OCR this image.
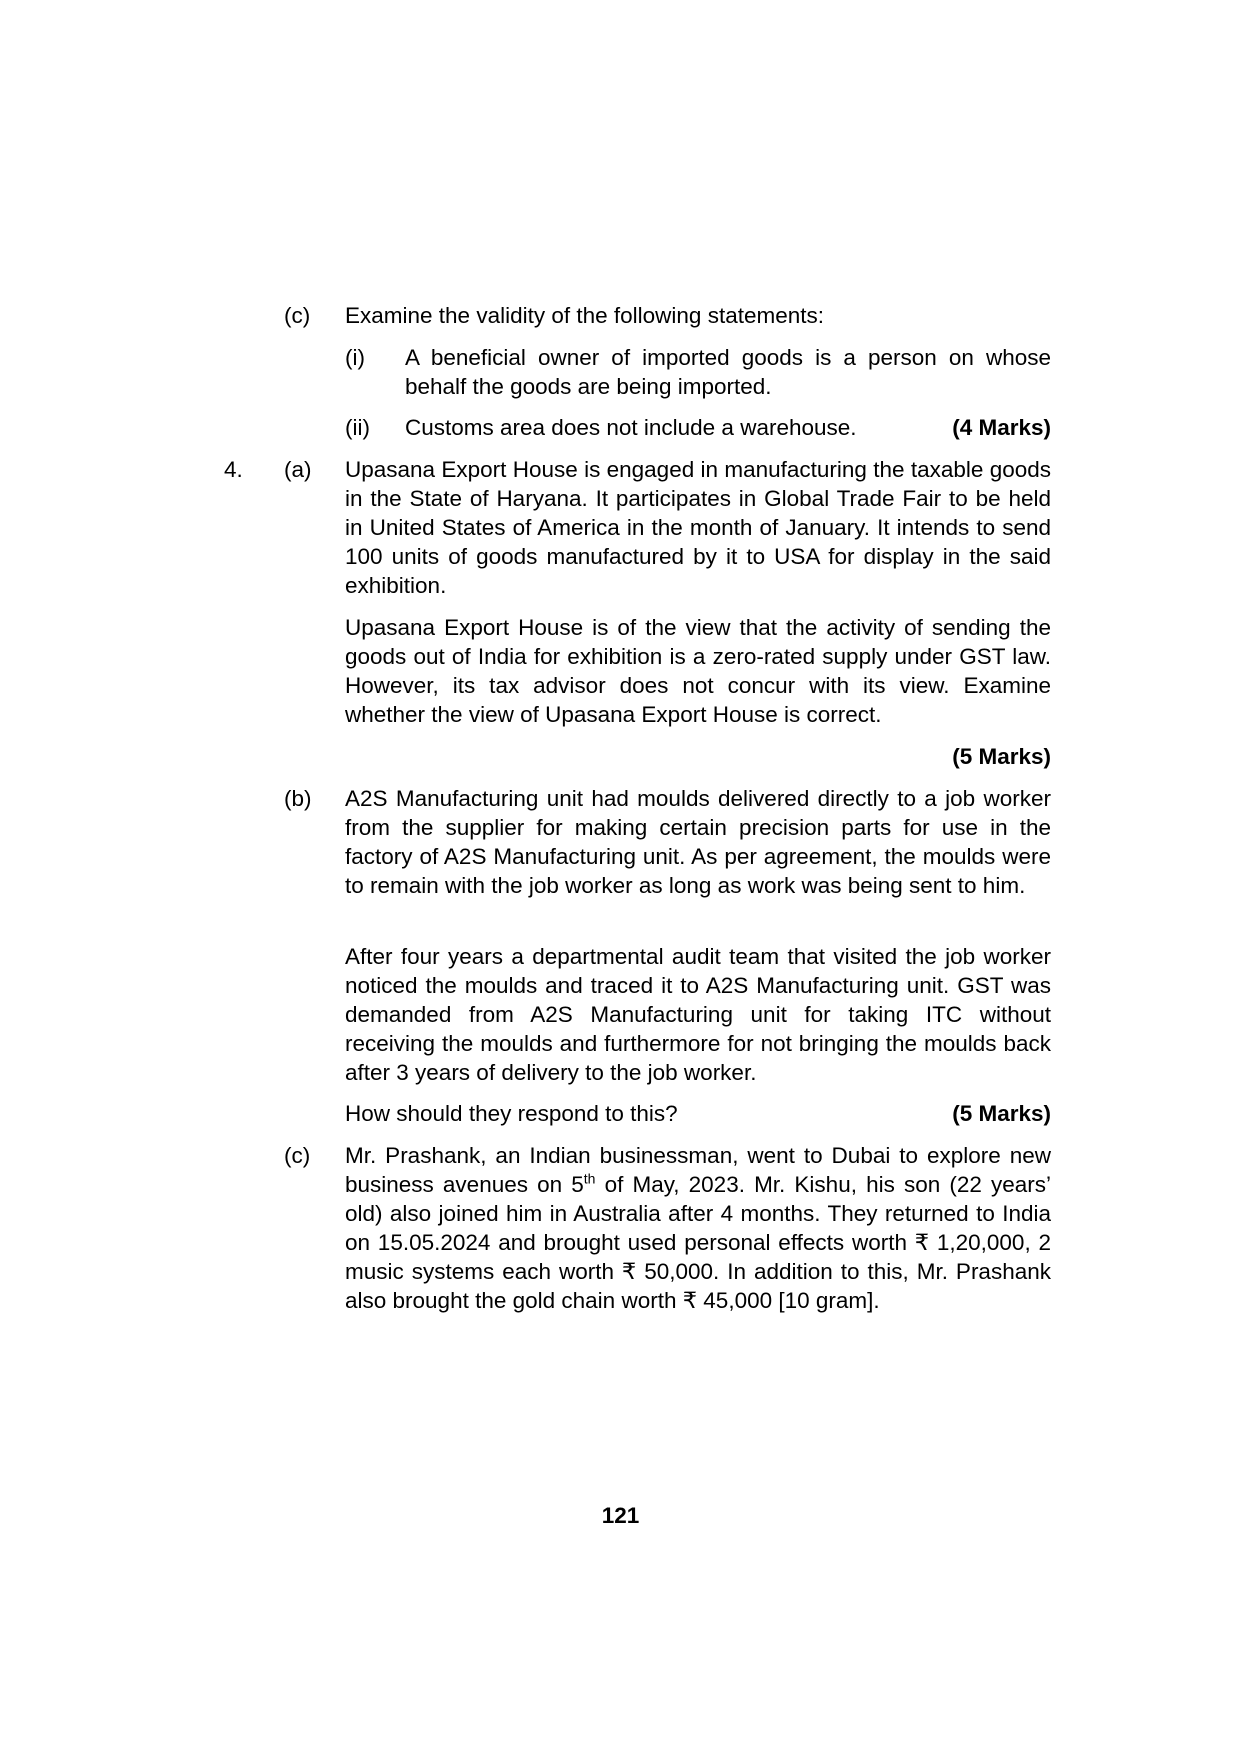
(c) Examine the validity of the following statements:
(i) A beneficial owner of imported goods is a person on whose behalf the goods are being imported.
(ii) Customs area does not include a warehouse.	(4 Marks)
4. (a) Upasana Export House is engaged in manufacturing the taxable goods in the State of Haryana. It participates in Global Trade Fair to be held in United States of America in the month of January. It intends to send 100 units of goods manufactured by it to USA for display in the said exhibition.
Upasana Export House is of the view that the activity of sending the goods out of India for exhibition is a zero-rated supply under GST law. However, its tax advisor does not concur with its view. Examine whether the view of Upasana Export House is correct.
(5 Marks)
(b) A2S Manufacturing unit had moulds delivered directly to a job worker from the supplier for making certain precision parts for use in the factory of A2S Manufacturing unit. As per agreement, the moulds were to remain with the job worker as long as work was being sent to him.
After four years a departmental audit team that visited the job worker noticed the moulds and traced it to A2S Manufacturing unit. GST was demanded from A2S Manufacturing unit for taking ITC without receiving the moulds and furthermore for not bringing the moulds back after 3 years of delivery to the job worker.
How should they respond to this?	(5 Marks)
(c) Mr. Prashank, an Indian businessman, went to Dubai to explore new business avenues on 5th of May, 2023. Mr. Kishu, his son (22 years’ old) also joined him in Australia after 4 months. They returned to India on 15.05.2024 and brought used personal effects worth ₹ 1,20,000, 2 music systems each worth ₹ 50,000. In addition to this, Mr. Prashank also brought the gold chain worth ₹ 45,000 [10 gram].
121
